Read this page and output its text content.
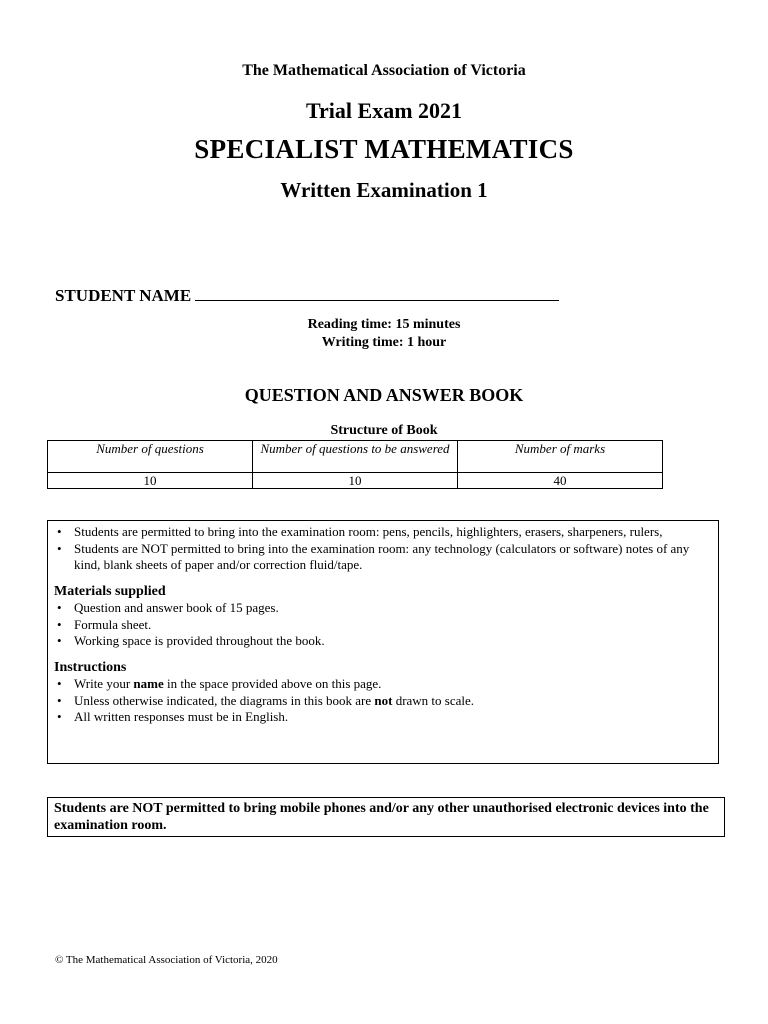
The Mathematical Association of Victoria
Trial Exam 2021
SPECIALIST MATHEMATICS
Written Examination 1
STUDENT NAME
Reading time: 15 minutes
Writing time: 1 hour
QUESTION AND ANSWER BOOK
Structure of Book
Number of questions	Number of questions to be answered	Number of marks
10	10	40
• Students are permitted to bring into the examination room: pens, pencils, highlighters, erasers, sharpeners, rulers,
• Students are NOT permitted to bring into the examination room: any technology (calculators or software) notes of any kind, blank sheets of paper and/or correction fluid/tape.
Materials supplied
• Question and answer book of 15 pages.
• Formula sheet.
• Working space is provided throughout the book.
Instructions
• Write your name in the space provided above on this page.
• Unless otherwise indicated, the diagrams in this book are not drawn to scale.
• All written responses must be in English.
Students are NOT permitted to bring mobile phones and/or any other unauthorised electronic devices into the examination room.
© The Mathematical Association of Victoria, 2020
